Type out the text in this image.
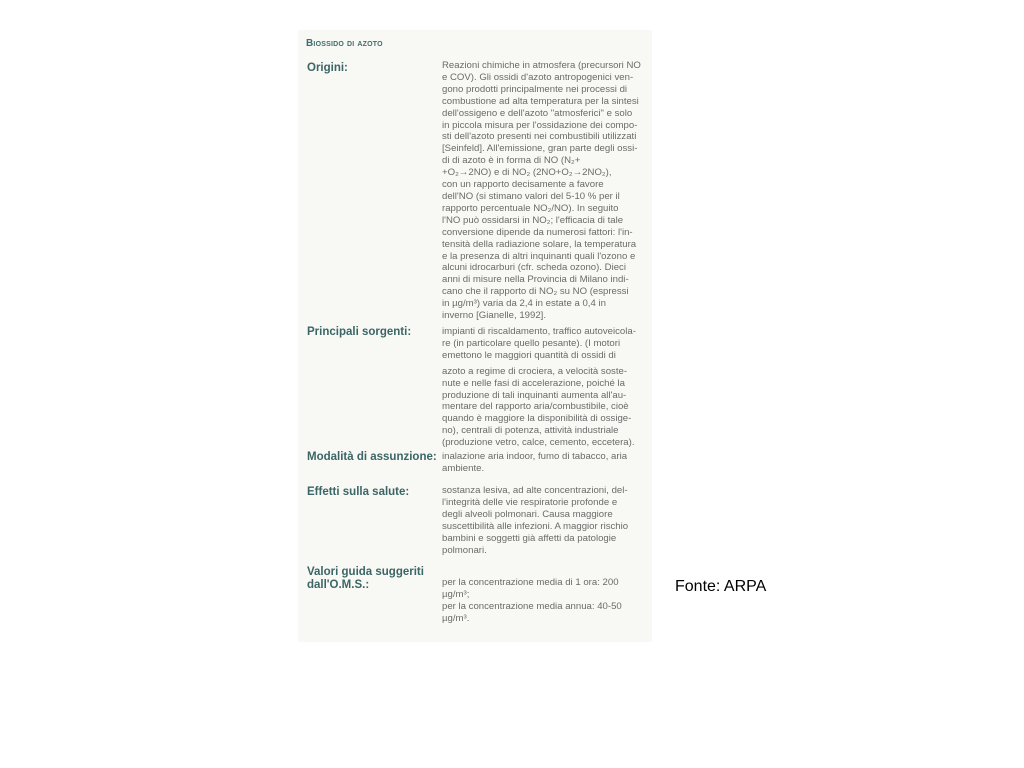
Biossido di azoto
Origini:	Reazioni chimiche in atmosfera (precursori NO
e COV). Gli ossidi d'azoto antropogenici ven-
gono prodotti principalmente nei processi di
combustione ad alta temperatura per la sintesi
dell'ossigeno e dell'azoto "atmosferici" e solo
in piccola misura per l'ossidazione dei compo-
sti dell'azoto presenti nei combustibili utilizzati
[Seinfeld]. All'emissione, gran parte degli ossi-
di di azoto è in forma di NO (N₂+
+O₂→2NO) e di NO₂ (2NO+O₂→2NO₂),
con un rapporto decisamente a favore
dell'NO (si stimano valori del 5-10 % per il
rapporto percentuale NO₂/NO). In seguito
l'NO può ossidarsi in NO₂; l'efficacia di tale
conversione dipende da numerosi fattori: l'in-
tensità della radiazione solare, la temperatura
e la presenza di altri inquinanti quali l'ozono e
alcuni idrocarburi (cfr. scheda ozono). Dieci
anni di misure nella Provincia di Milano indi-
cano che il rapporto di NO₂ su NO (espressi
in µg/m³) varia da 2,4 in estate a 0,4 in
inverno [Gianelle, 1992].
Principali sorgenti:	impianti di riscaldamento, traffico autoveicola-
re (in particolare quello pesante). (I motori
emettono le maggiori quantità di ossidi di
azoto a regime di crociera, a velocità soste-
nute e nelle fasi di accelerazione, poiché la
produzione di tali inquinanti aumenta all'au-
mentare del rapporto aria/combustibile, cioè
quando è maggiore la disponibilità di ossige-
no), centrali di potenza, attività industriale
(produzione vetro, calce, cemento, eccetera).
Modalità di assunzione: inalazione aria indoor, fumo di tabacco, aria
ambiente.
Effetti sulla salute:	sostanza lesiva, ad alte concentrazioni, del-
l'integrità delle vie respiratorie profonde e
degli alveoli polmonari. Causa maggiore
suscettibilità alle infezioni. A maggior rischio
bambini e soggetti già affetti da patologie
polmonari.
Valori guida suggeriti
dall'O.M.S.:	per la concentrazione media di 1 ora: 200
µg/m³;
per la concentrazione media annua: 40-50
µg/m³.
Fonte: ARPA
